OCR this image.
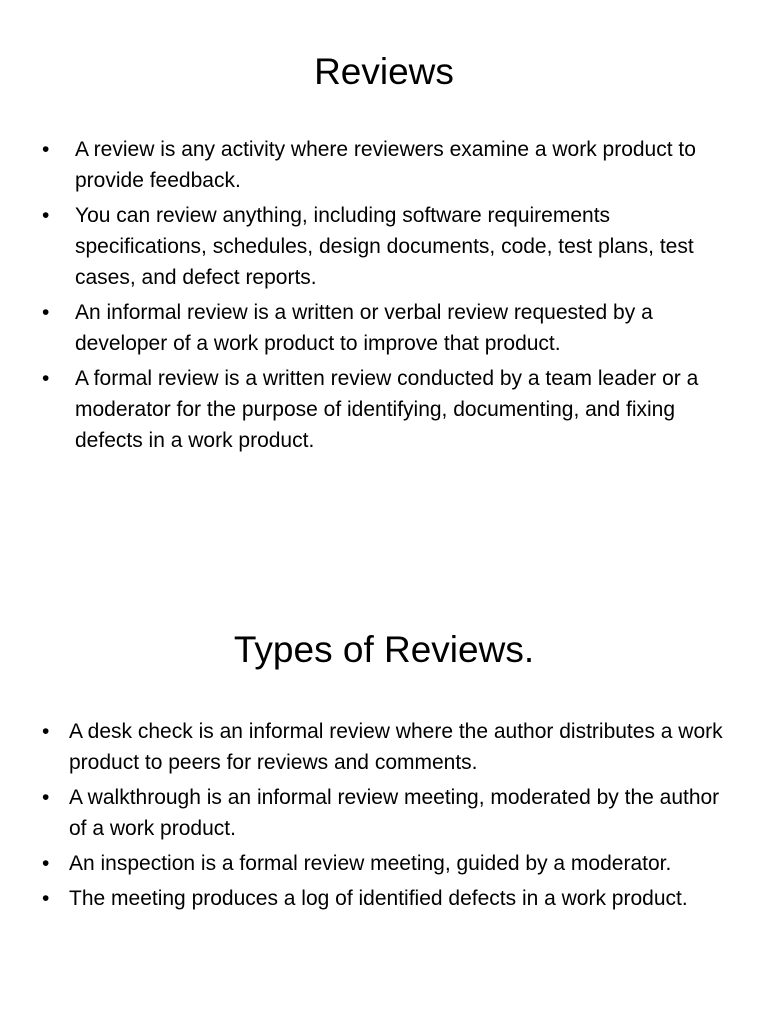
Reviews
• A review is any activity where reviewers examine a work product to provide feedback.
• You can review anything, including software requirements specifications, schedules, design documents, code, test plans, test cases, and defect reports.
• An informal review is a written or verbal review requested by a developer of a work product to improve that product.
• A formal review is a written review conducted by a team leader or a moderator for the purpose of identifying, documenting, and fixing defects in a work product.
Types of Reviews.
• A desk check is an informal review where the author distributes a work product to peers for reviews and comments.
• A walkthrough is an informal review meeting, moderated by the author of a work product.
• An inspection is a formal review meeting, guided by a moderator.
• The meeting produces a log of identified defects in a work product.
